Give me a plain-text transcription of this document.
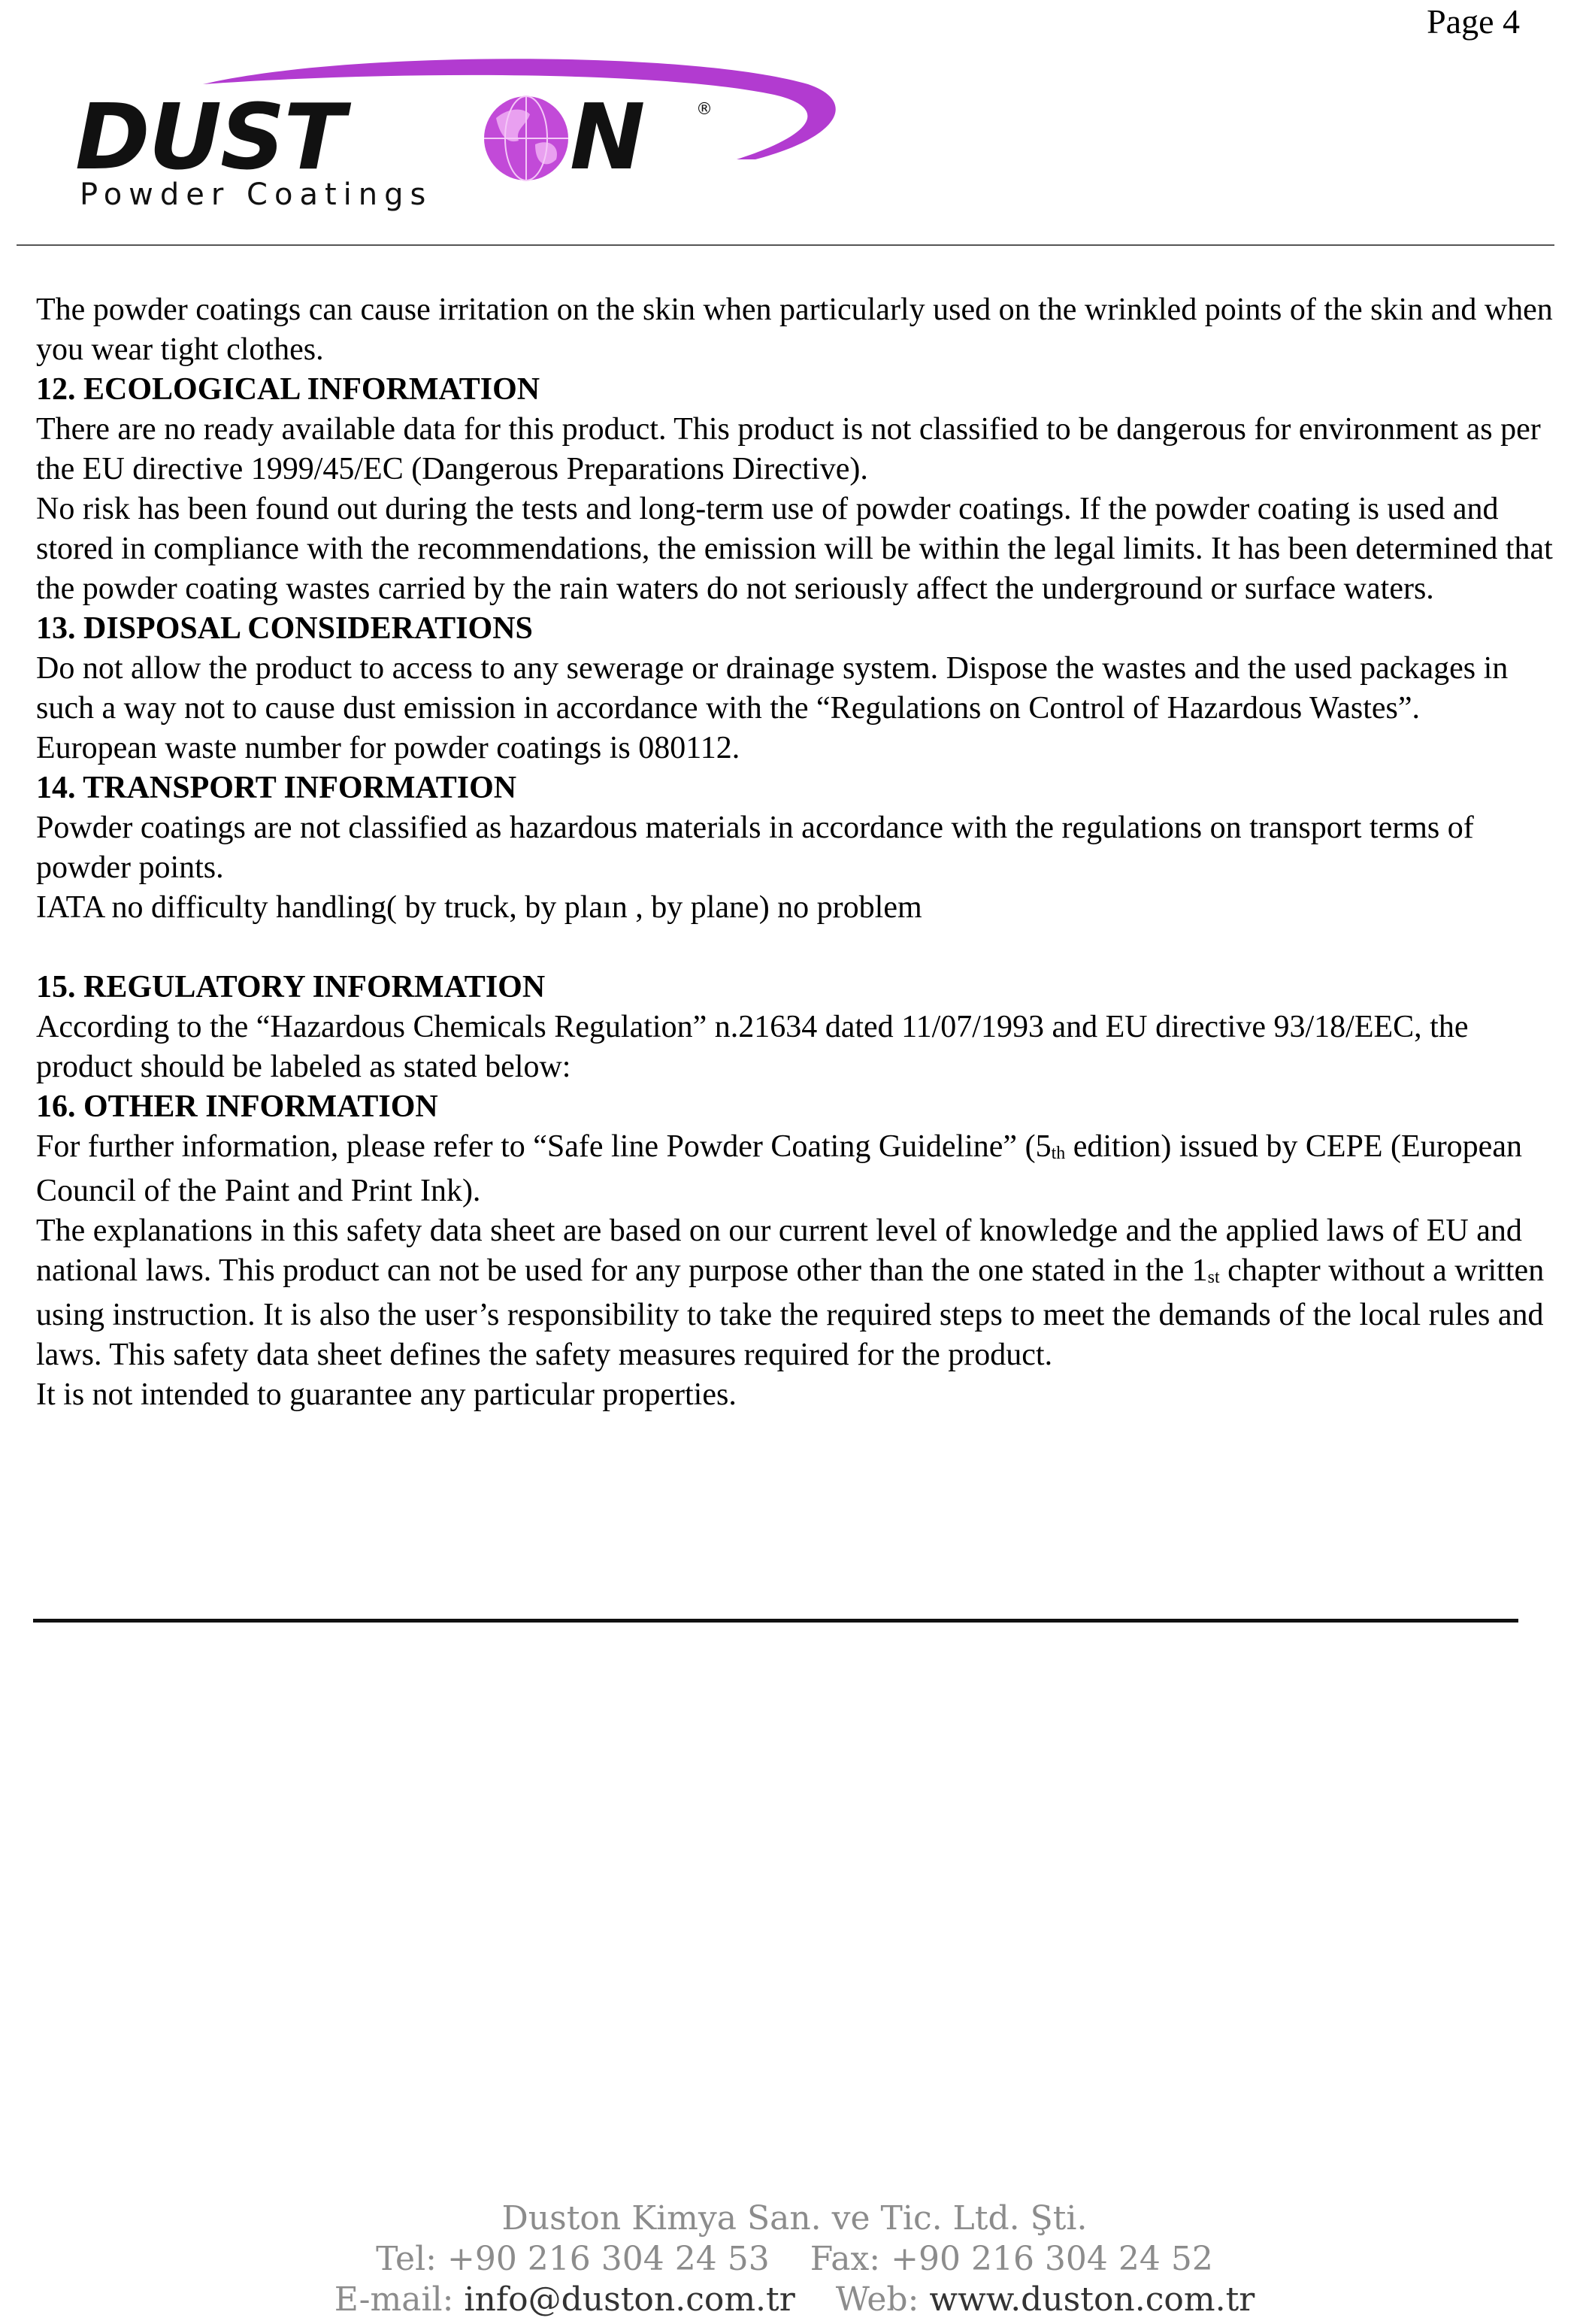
Page 4
DUST	N	®
Powder Coatings

The powder coatings can cause irritation on the skin when particularly used on the wrinkled points of the skin and when you wear tight clothes.

12. ECOLOGICAL INFORMATION

There are no ready available data for this product. This product is not classified to be dangerous for environment as per the EU directive 1999/45/EC (Dangerous Preparations Directive).

No risk has been found out during the tests and long-term use of powder coatings. If the powder coating is used and stored in compliance with the recommendations, the emission will be within the legal limits. It has been determined that the powder coating wastes carried by the rain waters do not seriously affect the underground or surface waters.

13. DISPOSAL CONSIDERATIONS

Do not allow the product to access to any sewerage or drainage system. Dispose the wastes and the used packages in such a way not to cause dust emission in accordance with the “Regulations on Control of Hazardous Wastes”.

European waste number for powder coatings is 080112.

14. TRANSPORT INFORMATION

Powder coatings are not classified as hazardous materials in accordance with the regulations on transport terms of powder points.

IATA no difficulty handling( by truck, by plaın , by plane) no problem

15. REGULATORY INFORMATION

According to the “Hazardous Chemicals Regulation” n.21634 dated 11/07/1993 and EU directive 93/18/EEC, the product should be labeled as stated below:

16. OTHER INFORMATION

For further information, please refer to “Safe line Powder Coating Guideline” ($5_{th}$ edition) issued by CEPE (European Council of the Paint and Print Ink).

The explanations in this safety data sheet are based on our current level of knowledge and the applied laws of EU and national laws. This product can not be used for any purpose other than the one stated in the $1_{st}$ chapter without a written using instruction. It is also the user’s responsibility to take the required steps to meet the demands of the local rules and laws. This safety data sheet defines the safety measures required for the product.

It is not intended to guarantee any particular properties.

Duston Kimya San. ve Tic. Ltd. Şti.
Tel: +90 216 304 24 53 Fax: +90 216 304 24 52
E-mail: info@duston.com.tr Web: www.duston.com.tr
